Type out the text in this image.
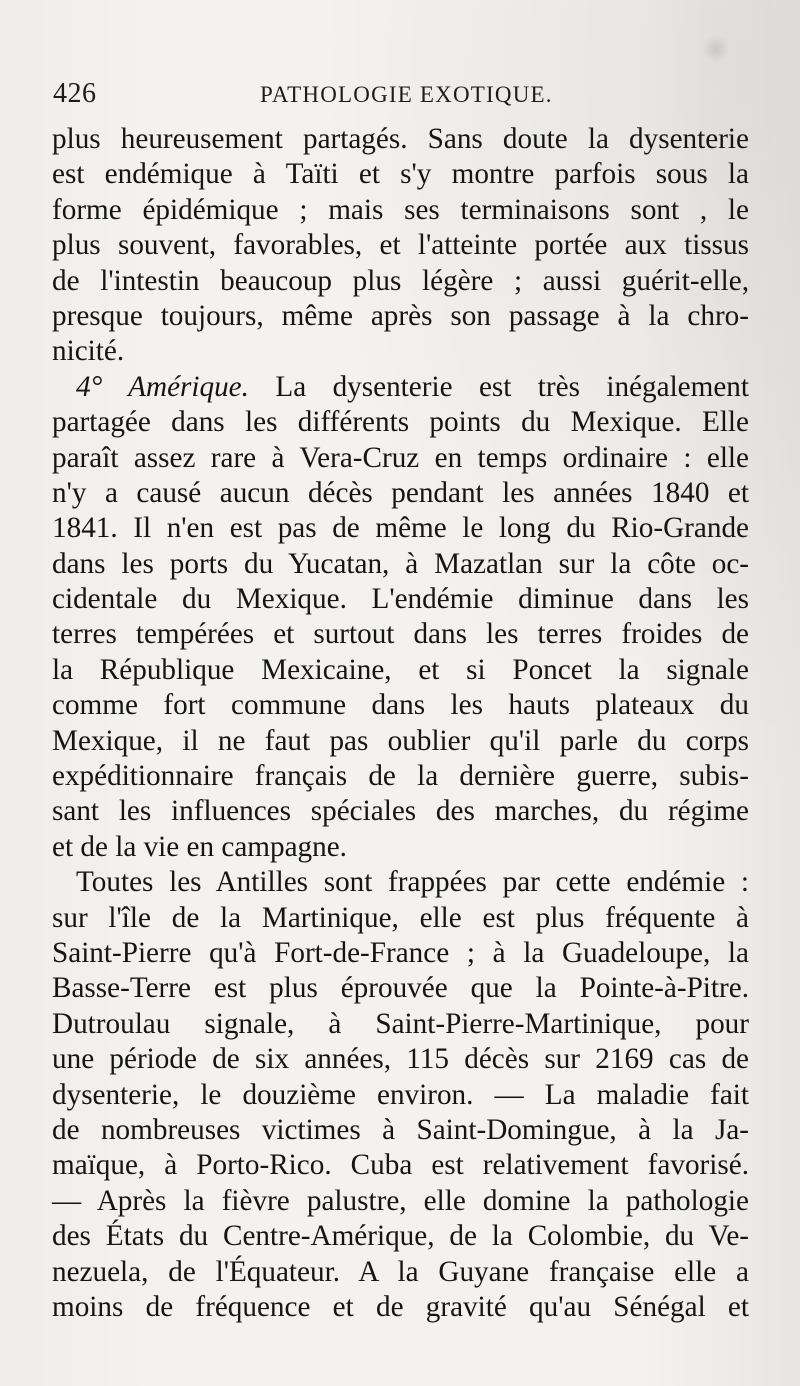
426	PATHOLOGIE EXOTIQUE.
plus heureusement partagés. Sans doute la dysenterie
est endémique à Taïti et s'y montre parfois sous la
forme épidémique ; mais ses terminaisons sont , le
plus souvent, favorables, et l'atteinte portée aux tissus
de l'intestin beaucoup plus légère ; aussi guérit-elle,
presque toujours, même après son passage à la chro-
nicité.
4° Amérique. La dysenterie est très inégalement
partagée dans les différents points du Mexique. Elle
paraît assez rare à Vera-Cruz en temps ordinaire : elle
n'y a causé aucun décès pendant les années 1840 et
1841. Il n'en est pas de même le long du Rio-Grande
dans les ports du Yucatan, à Mazatlan sur la côte oc-
cidentale du Mexique. L'endémie diminue dans les
terres tempérées et surtout dans les terres froides de
la République Mexicaine, et si Poncet la signale
comme fort commune dans les hauts plateaux du
Mexique, il ne faut pas oublier qu'il parle du corps
expéditionnaire français de la dernière guerre, subis-
sant les influences spéciales des marches, du régime
et de la vie en campagne.
Toutes les Antilles sont frappées par cette endémie :
sur l'île de la Martinique, elle est plus fréquente à
Saint-Pierre qu'à Fort-de-France ; à la Guadeloupe, la
Basse-Terre est plus éprouvée que la Pointe-à-Pitre.
Dutroulau signale, à Saint-Pierre-Martinique, pour
une période de six années, 115 décès sur 2169 cas de
dysenterie, le douzième environ. — La maladie fait
de nombreuses victimes à Saint-Domingue, à la Ja-
maïque, à Porto-Rico. Cuba est relativement favorisé.
— Après la fièvre palustre, elle domine la pathologie
des États du Centre-Amérique, de la Colombie, du Ve-
nezuela, de l'Équateur. A la Guyane française elle a
moins de fréquence et de gravité qu'au Sénégal et
